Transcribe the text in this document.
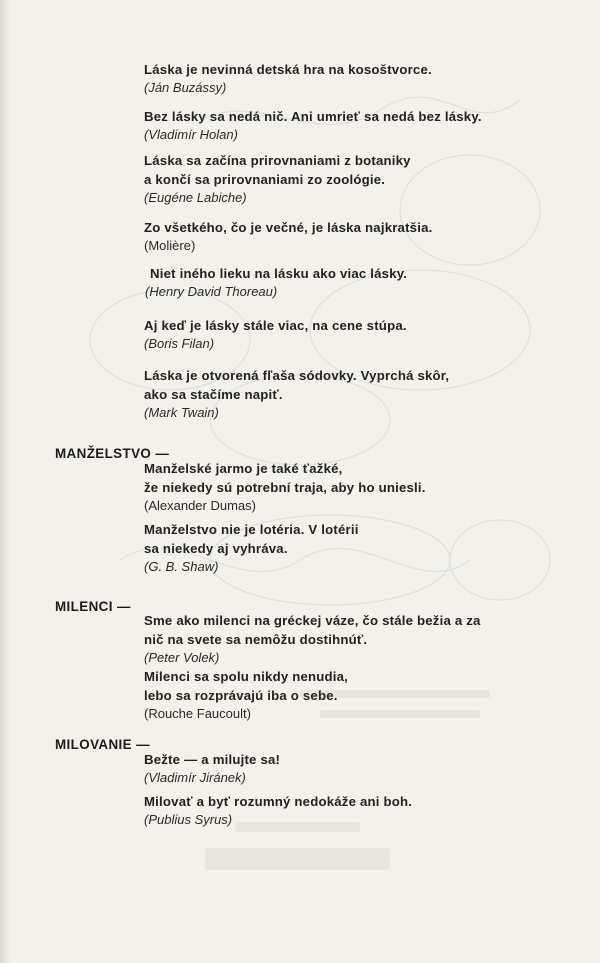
Láska je nevinná detská hra na kosoštvorce.
(Ján Buzássy)
Bez lásky sa nedá nič. Ani umrieť sa nedá bez lásky.
(Vladimír Holan)
Láska sa začína prirovnaniami z botaniky
a končí sa prirovnaniami zo zoológie.
(Eugéne Labiche)
Zo všetkého, čo je večné, je láska najkratšia.
(Molière)
Niet iného lieku na lásku ako viac lásky.
(Henry David Thoreau)
Aj keď je lásky stále viac, na cene stúpa.
(Boris Filan)
Láska je otvorená fľaša sódovky. Vyprchá skôr,
ako sa stačíme napiť.
(Mark Twain)
MANŽELSTVO —
Manželské jarmo je také ťažké,
že niekedy sú potrební traja, aby ho uniesli.
(Alexander Dumas)
Manželstvo nie je lotéria. V lotérii
sa niekedy aj vyhráva.
(G. B. Shaw)
MILENCI —
Sme ako milenci na gréckej váze, čo stále bežia a za
nič na svete sa nemôžu dostihnúť.
(Peter Volek)
Milenci sa spolu nikdy nenudia,
lebo sa rozprávajú iba o sebe.
(Rouche Faucoult)
MILOVANIE —
Bežte — a milujte sa!
(Vladimír Jiránek)
Milovať a byť rozumný nedokáže ani boh.
(Publius Syrus)
